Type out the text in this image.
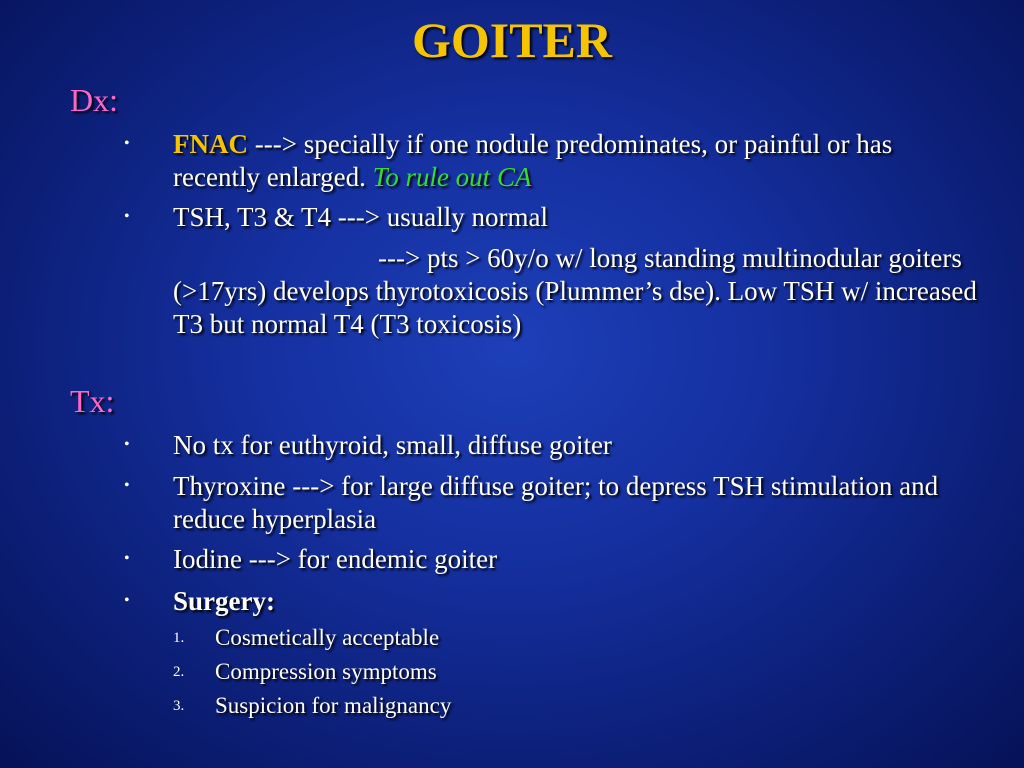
GOITER
Dx:
• FNAC ---> specially if one nodule predominates, or painful or has recently enlarged. To rule out CA
• TSH, T3 & T4 ---> usually normal
---> pts > 60y/o w/ long standing multinodular goiters (>17yrs) develops thyrotoxicosis (Plummer’s dse). Low TSH w/ increased T3 but normal T4 (T3 toxicosis)
Tx:
• No tx for euthyroid, small, diffuse goiter
• Thyroxine ---> for large diffuse goiter; to depress TSH stimulation and reduce hyperplasia
• Iodine ---> for endemic goiter
• Surgery:
1. Cosmetically acceptable
2. Compression symptoms
3. Suspicion for malignancy
